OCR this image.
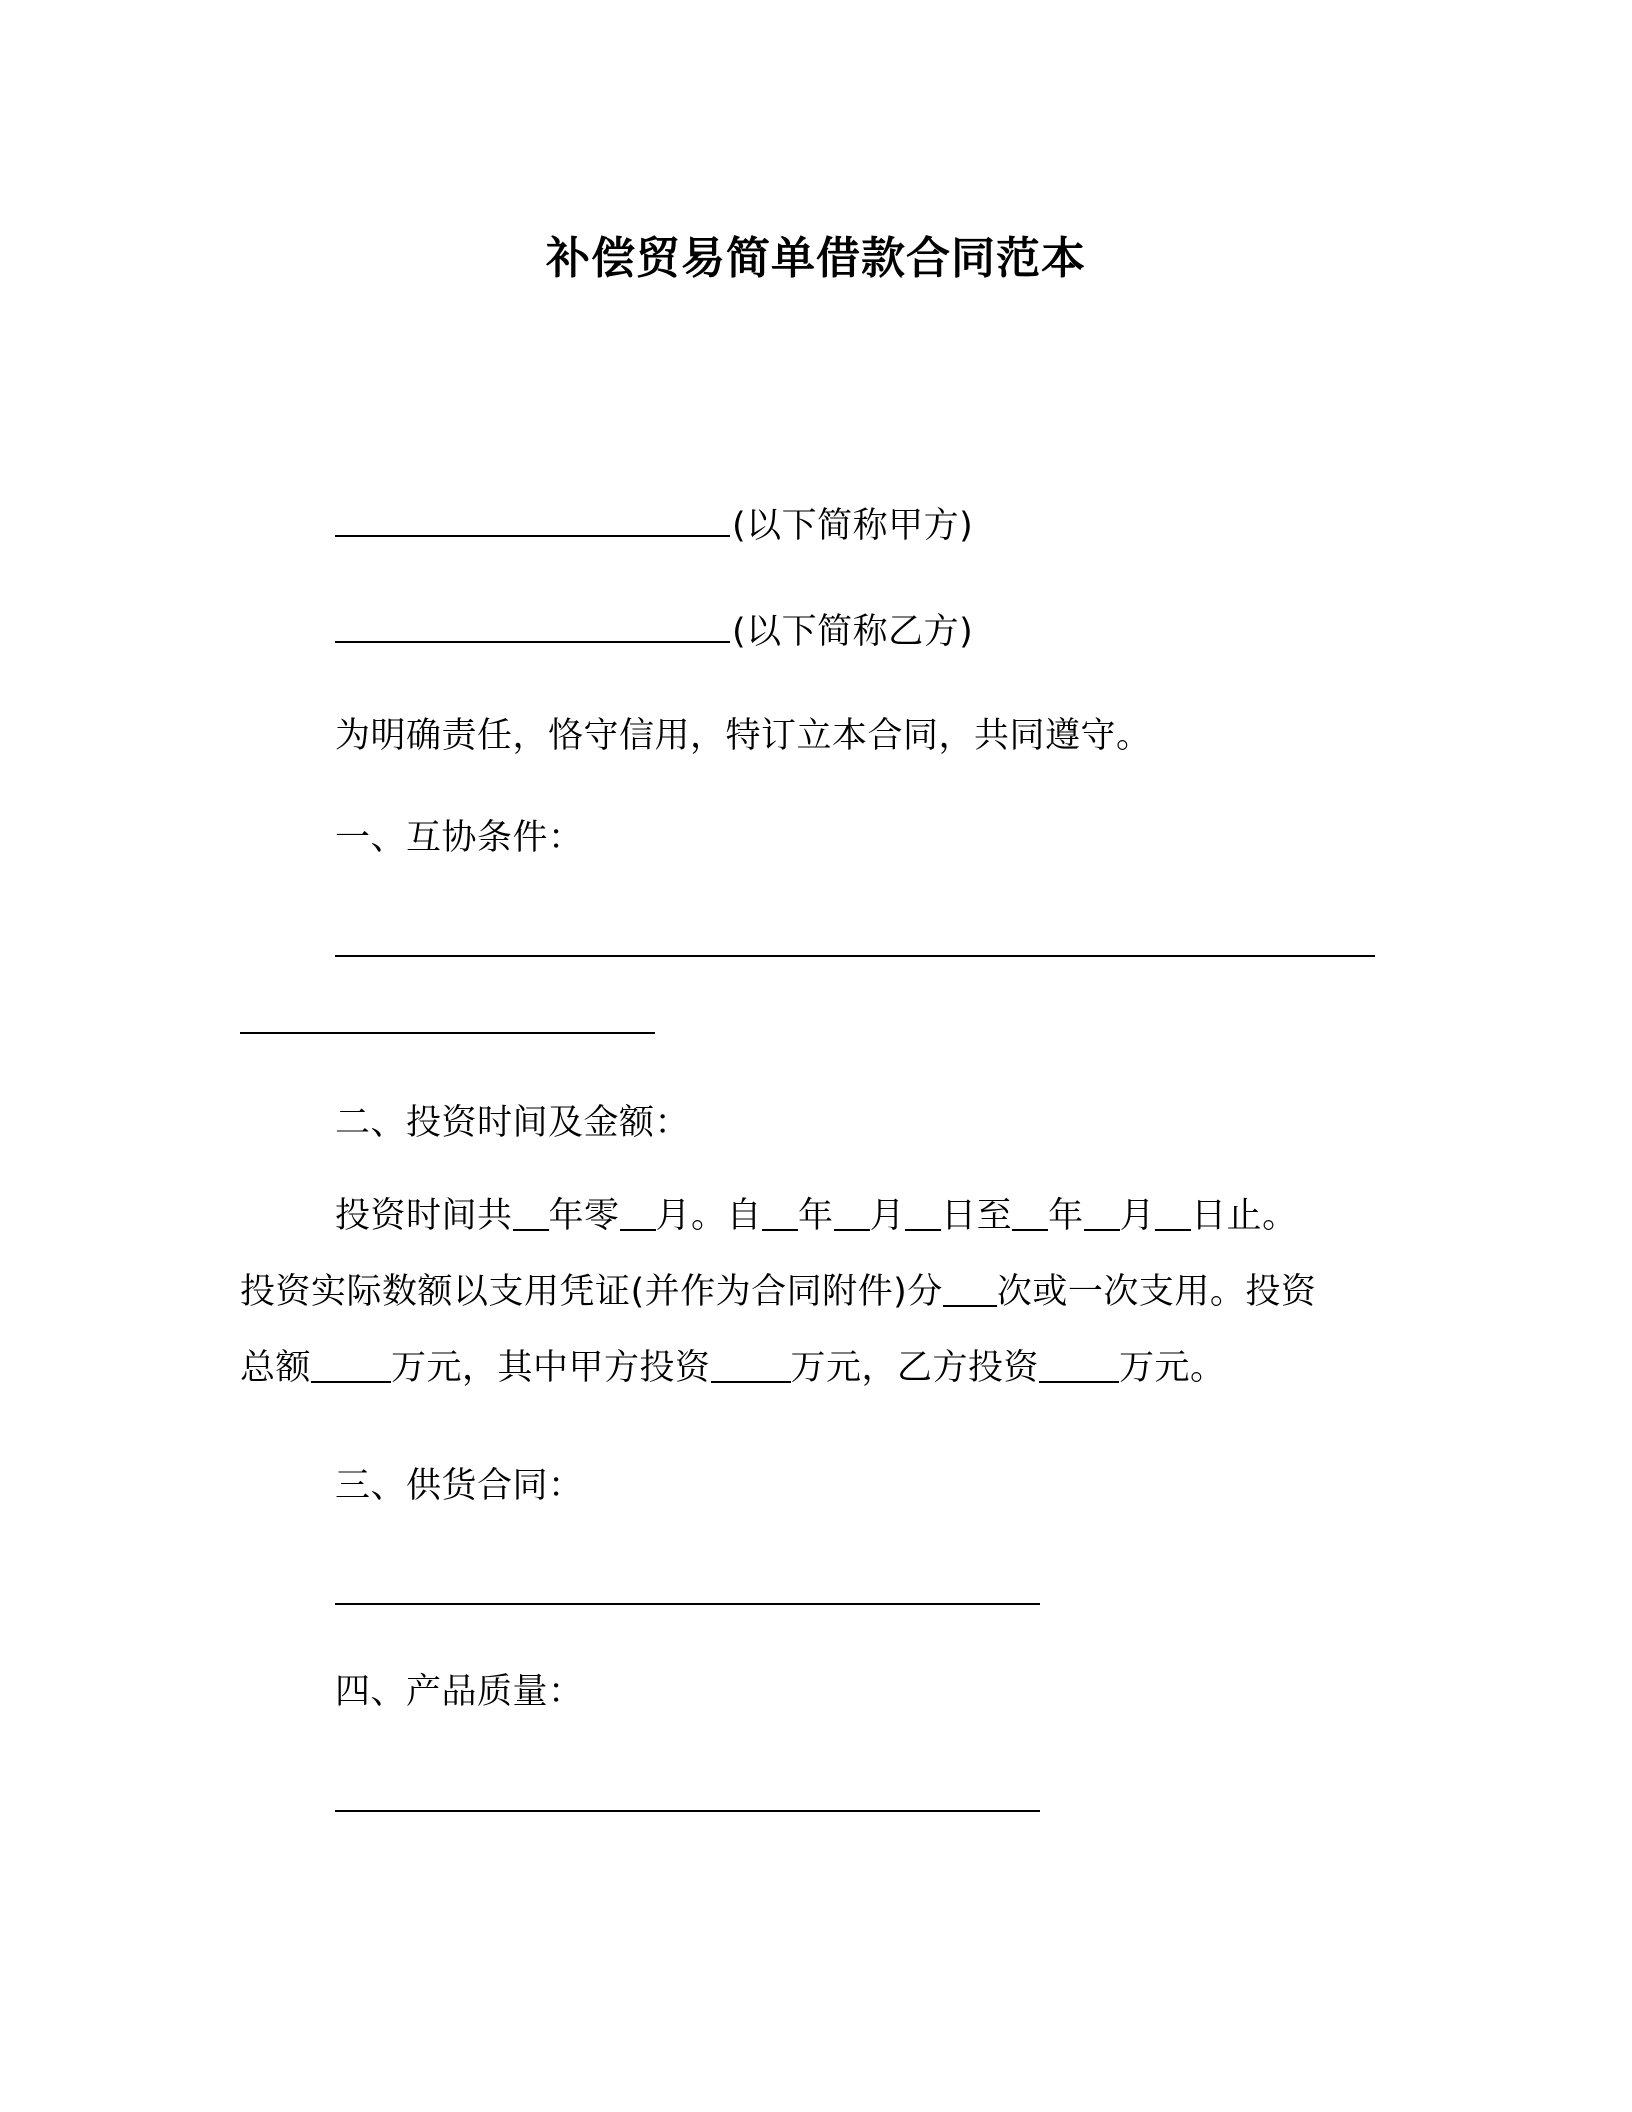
补偿贸易简单借款合同范本
(以下简称甲方)
(以下简称乙方)
为明确责任，恪守信用，特订立本合同，共同遵守。
一、互协条件：
二、投资时间及金额：
投资时间共 年零 月。自 年 月 日至 年 月 日止。
投资实际数额以支用凭证(并作为合同附件)分 次或一次支用。投资
总额 万元，其中甲方投资 万元，乙方投资 万元。
三、供货合同：
四、产品质量：
